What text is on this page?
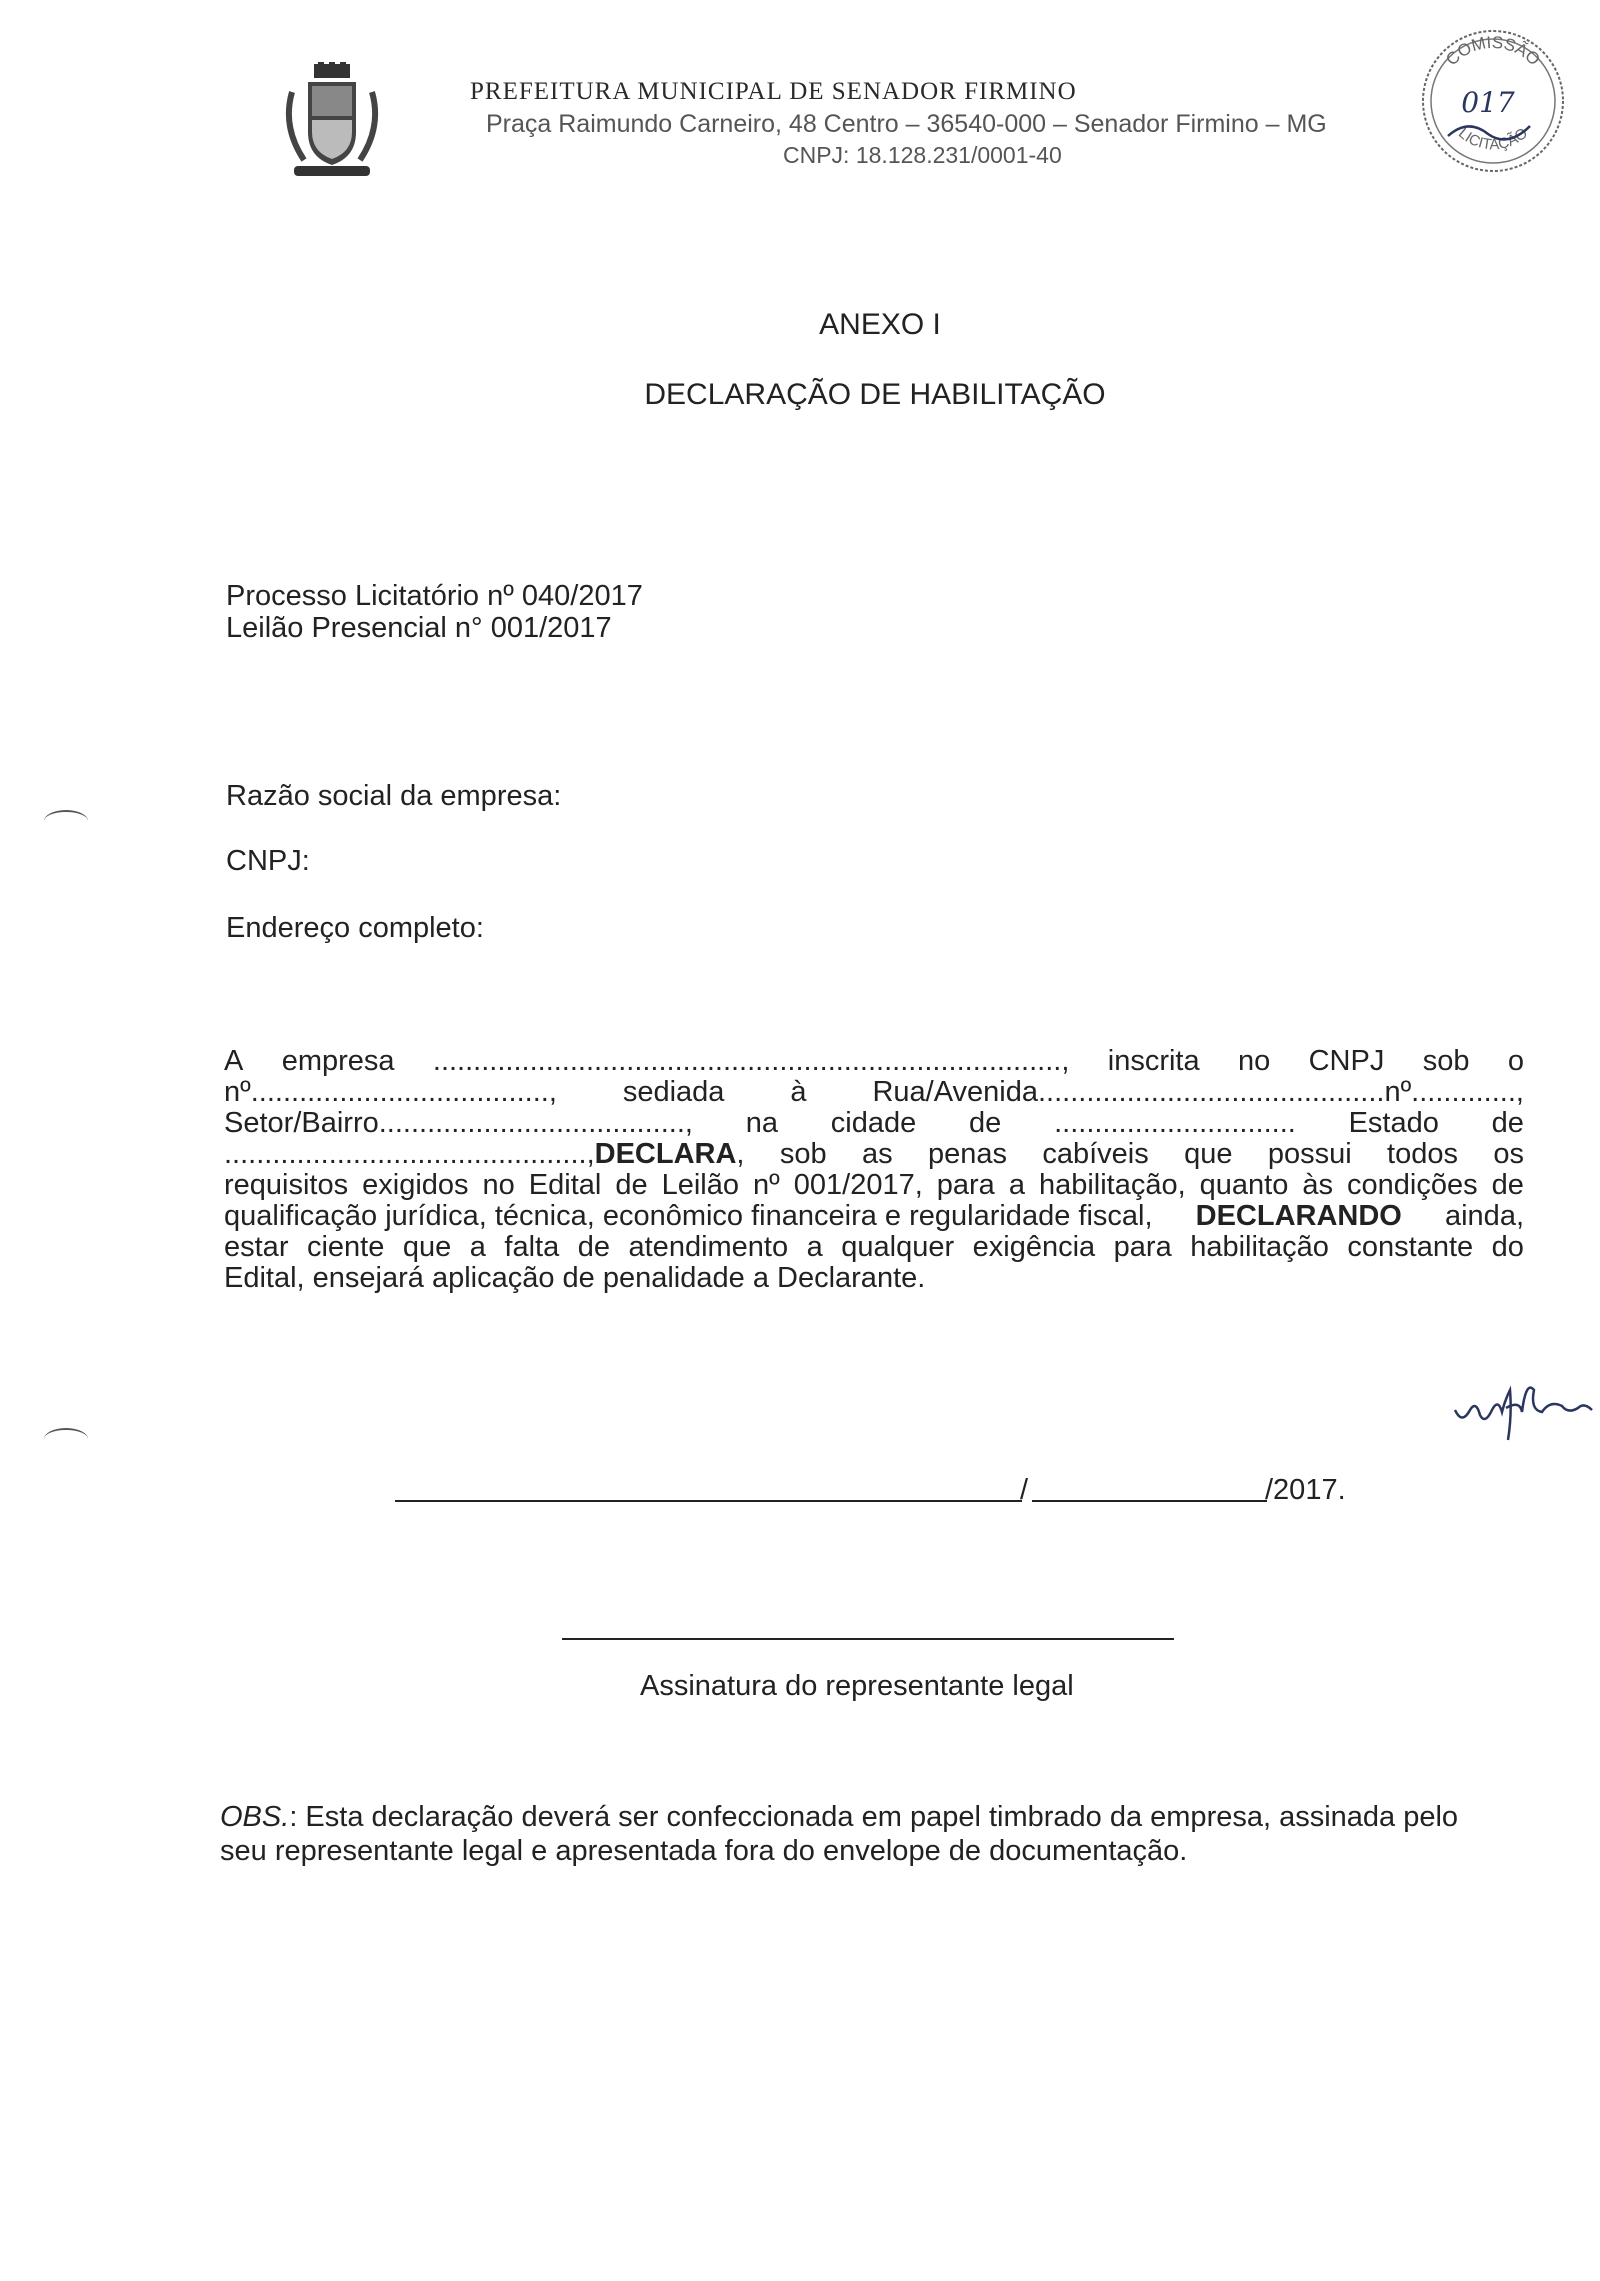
PREFEITURA MUNICIPAL DE SENADOR FIRMINO
Praça Raimundo Carneiro, 48 Centro – 36540-000 – Senador Firmino – MG
CNPJ: 18.128.231/0001-40
COMISSÃO
LICITAÇÃO
017
ANEXO I
DECLARAÇÃO DE HABILITAÇÃO
Processo Licitatório nº 040/2017
Leilão Presencial n° 001/2017
Razão social da empresa:
CNPJ:
Endereço completo:
A empresa .............................................................................., inscrita no CNPJ sob o
nº....................................., sediada à Rua/Avenida...........................................nº.............,
Setor/Bairro......................................, na cidade de .............................. Estado de
.............................................,DECLARA, sob as penas cabíveis que possui todos os
requisitos exigidos no Edital de Leilão nº 001/2017, para a habilitação, quanto às condições de
qualificação jurídica, técnica, econômico financeira e regularidade fiscal, DECLARANDO ainda,
estar ciente que a falta de atendimento a qualquer exigência para habilitação constante do
Edital, ensejará aplicação de penalidade a Declarante.
/	/2017.
Assinatura do representante legal
OBS.: Esta declaração deverá ser confeccionada em papel timbrado da empresa, assinada pelo seu representante legal e apresentada fora do envelope de documentação.
